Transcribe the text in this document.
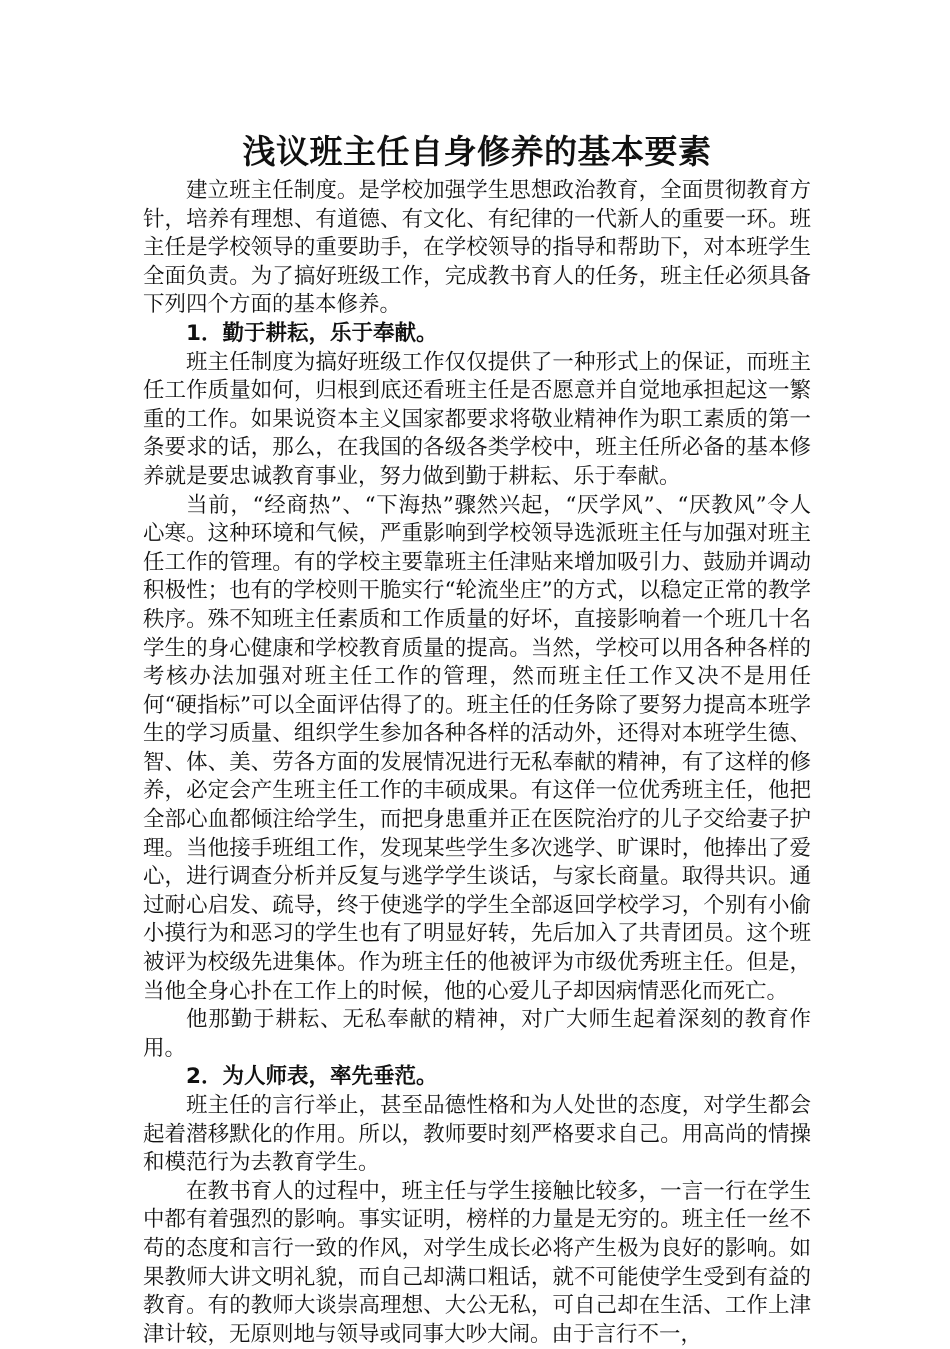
浅议班主任自身修养的基本要素

建立班主任制度。是学校加强学生思想政治教育，全面贯彻教育方针，培养有理想、有道德、有文化、有纪律的一代新人的重要一环。班主任是学校领导的重要助手，在学校领导的指导和帮助下，对本班学生全面负责。为了搞好班级工作，完成教书育人的任务，班主任必须具备下列四个方面的基本修养。

1．勤于耕耘，乐于奉献。

班主任制度为搞好班级工作仅仅提供了一种形式上的保证，而班主任工作质量如何，归根到底还看班主任是否愿意并自觉地承担起这一繁重的工作。如果说资本主义国家都要求将敬业精神作为职工素质的第一条要求的话，那么，在我国的各级各类学校中，班主任所必备的基本修养就是要忠诚教育事业，努力做到勤于耕耘、乐于奉献。

当前，“经商热”、“下海热”骤然兴起，“厌学风”、“厌教风”令人心寒。这种环境和气候，严重影响到学校领导选派班主任与加强对班主任工作的管理。有的学校主要靠班主任津贴来增加吸引力、鼓励并调动积极性；也有的学校则干脆实行“轮流坐庄”的方式，以稳定正常的教学秩序。殊不知班主任素质和工作质量的好坏，直接影响着一个班几十名学生的身心健康和学校教育质量的提高。当然，学校可以用各种各样的考核办法加强对班主任工作的管理，然而班主任工作又决不是用任何“硬指标”可以全面评估得了的。班主任的任务除了要努力提高本班学生的学习质量、组织学生参加各种各样的活动外，还得对本班学生德、智、体、美、劳各方面的发展情况进行无私奉献的精神，有了这样的修养，必定会产生班主任工作的丰硕成果。有这佯一位优秀班主任，他把全部心血都倾注给学生，而把身患重并正在医院治疗的儿子交给妻子护理。当他接手班组工作，发现某些学生多次逃学、旷课时，他捧出了爱心，进行调查分析并反复与逃学学生谈话，与家长商量。取得共识。通过耐心启发、疏导，终于使逃学的学生全部返回学校学习，个别有小偷小摸行为和恶习的学生也有了明显好转，先后加入了共青团员。这个班被评为校级先进集体。作为班主任的他被评为市级优秀班主任。但是，当他全身心扑在工作上的时候，他的心爱儿子却因病情恶化而死亡。

他那勤于耕耘、无私奉献的精神，对广大师生起着深刻的教育作用。

2．为人师表，率先垂范。

班主任的言行举止，甚至品德性格和为人处世的态度，对学生都会起着潜移默化的作用。所以，教师要时刻严格要求自己。用高尚的情操和模范行为去教育学生。

在教书育人的过程中，班主任与学生接触比较多，一言一行在学生中都有着强烈的影响。事实证明，榜样的力量是无穷的。班主任一丝不苟的态度和言行一致的作风，对学生成长必将产生极为良好的影响。如果教师大讲文明礼貌，而自己却满口粗话，就不可能使学生受到有益的教育。有的教师大谈崇高理想、大公无私，可自己却在生活、工作上津津计较，无原则地与领导或同事大吵大闹。由于言行不一，
